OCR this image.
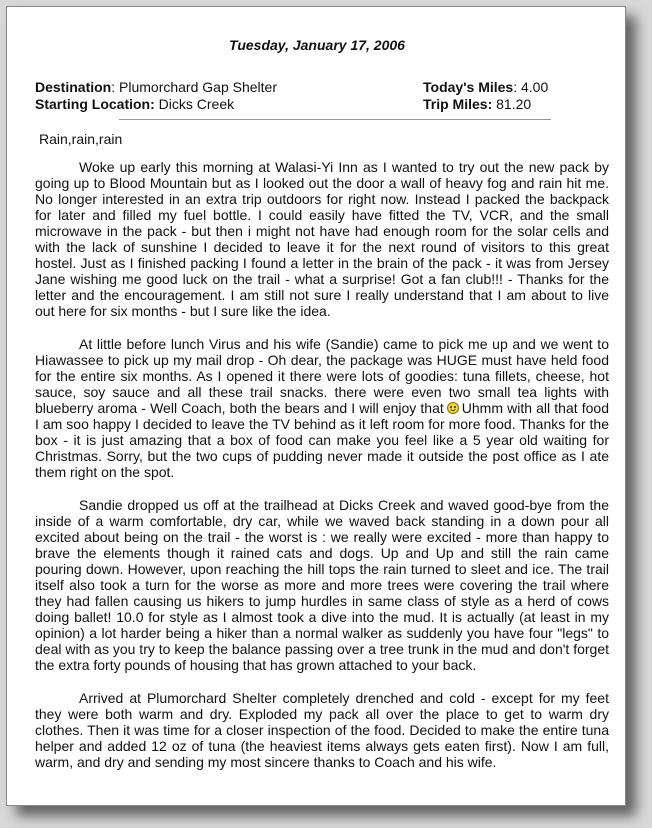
Tuesday, January 17, 2006
Destination: Plumorchard Gap Shelter
Starting Location: Dicks Creek
Today's Miles: 4.00
Trip Miles: 81.20
Rain,rain,rain

Woke up early this morning at Walasi-Yi Inn as I wanted to try out the new pack by going up to Blood Mountain but as I looked out the door a wall of heavy fog and rain hit me. No longer interested in an extra trip outdoors for right now. Instead I packed the backpack for later and filled my fuel bottle. I could easily have fitted the TV, VCR, and the small microwave in the pack - but then i might not have had enough room for the solar cells and with the lack of sunshine I decided to leave it for the next round of visitors to this great hostel. Just as I finished packing I found a letter in the brain of the pack - it was from Jersey Jane wishing me good luck on the trail - what a surprise! Got a fan club!!! - Thanks for the letter and the encouragement. I am still not sure I really understand that I am about to live out here for six months - but I sure like the idea.

At little before lunch Virus and his wife (Sandie) came to pick me up and we went to Hiawassee to pick up my mail drop - Oh dear, the package was HUGE must have held food for the entire six months. As I opened it there were lots of goodies: tuna fillets, cheese, hot sauce, soy sauce and all these trail snacks. there were even two small tea lights with blueberry aroma - Well Coach, both the bears and I will enjoy that Uhmm with all that food I am soo happy I decided to leave the TV behind as it left room for more food. Thanks for the box - it is just amazing that a box of food can make you feel like a 5 year old waiting for Christmas. Sorry, but the two cups of pudding never made it outside the post office as I ate them right on the spot.

Sandie dropped us off at the trailhead at Dicks Creek and waved good-bye from the inside of a warm comfortable, dry car, while we waved back standing in a down pour all excited about being on the trail - the worst is : we really were excited - more than happy to brave the elements though it rained cats and dogs. Up and Up and still the rain came pouring down. However, upon reaching the hill tops the rain turned to sleet and ice. The trail itself also took a turn for the worse as more and more trees were covering the trail where they had fallen causing us hikers to jump hurdles in same class of style as a herd of cows doing ballet! 10.0 for style as I almost took a dive into the mud. It is actually (at least in my opinion) a lot harder being a hiker than a normal walker as suddenly you have four "legs" to deal with as you try to keep the balance passing over a tree trunk in the mud and don't forget the extra forty pounds of housing that has grown attached to your back.

Arrived at Plumorchard Shelter completely drenched and cold - except for my feet they were both warm and dry. Exploded my pack all over the place to get to warm dry clothes. Then it was time for a closer inspection of the food. Decided to make the entire tuna helper and added 12 oz of tuna (the heaviest items always gets eaten first). Now I am full, warm, and dry and sending my most sincere thanks to Coach and his wife.
